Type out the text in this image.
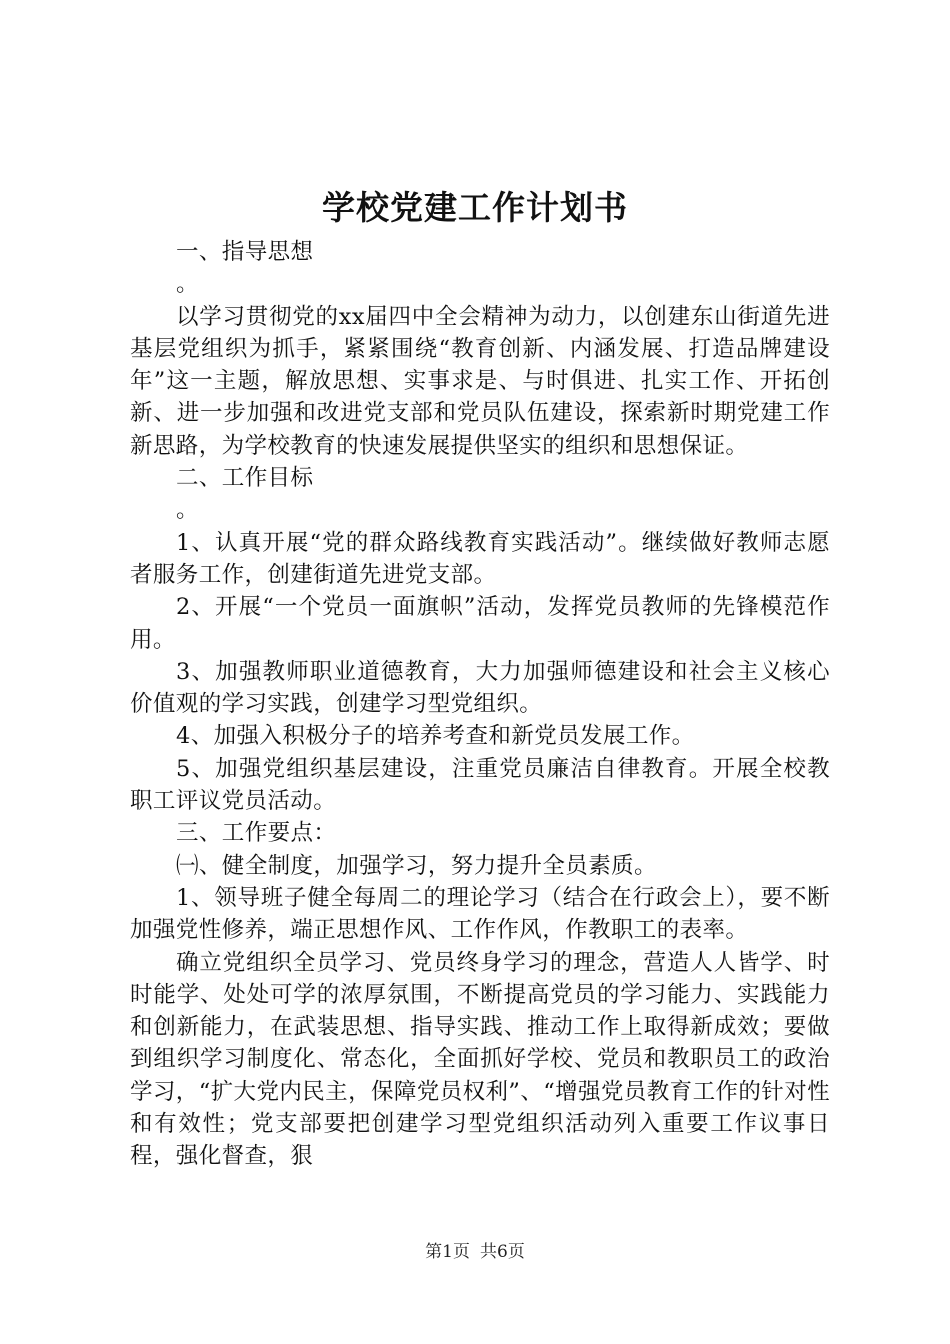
学校党建工作计划书

一、指导思想

。

以学习贯彻党的xx届四中全会精神为动力，以创建东山街道先进基层党组织为抓手，紧紧围绕“教育创新、内涵发展、打造品牌建设年”这一主题，解放思想、实事求是、与时俱进、扎实工作、开拓创新、进一步加强和改进党支部和党员队伍建设，探索新时期党建工作新思路，为学校教育的快速发展提供坚实的组织和思想保证。

二、工作目标

。

1、认真开展“党的群众路线教育实践活动”。继续做好教师志愿者服务工作，创建街道先进党支部。

2、开展“一个党员一面旗帜”活动，发挥党员教师的先锋模范作用。

3、加强教师职业道德教育，大力加强师德建设和社会主义核心价值观的学习实践，创建学习型党组织。

4、加强入积极分子的培养考查和新党员发展工作。

5、加强党组织基层建设，注重党员廉洁自律教育。开展全校教职工评议党员活动。

三、工作要点：

㈠、健全制度，加强学习，努力提升全员素质。

1、领导班子健全每周二的理论学习（结合在行政会上），要不断加强党性修养，端正思想作风、工作作风，作教职工的表率。

确立党组织全员学习、党员终身学习的理念，营造人人皆学、时时能学、处处可学的浓厚氛围，不断提高党员的学习能力、实践能力和创新能力，在武装思想、指导实践、推动工作上取得新成效；要做到组织学习制度化、常态化，全面抓好学校、党员和教职员工的政治学习，“扩大党内民主，保障党员权利”、“增强党员教育工作的针对性和有效性；党支部要把创建学习型党组织活动列入重要工作议事日程，强化督查，狠

第1页 共6页
